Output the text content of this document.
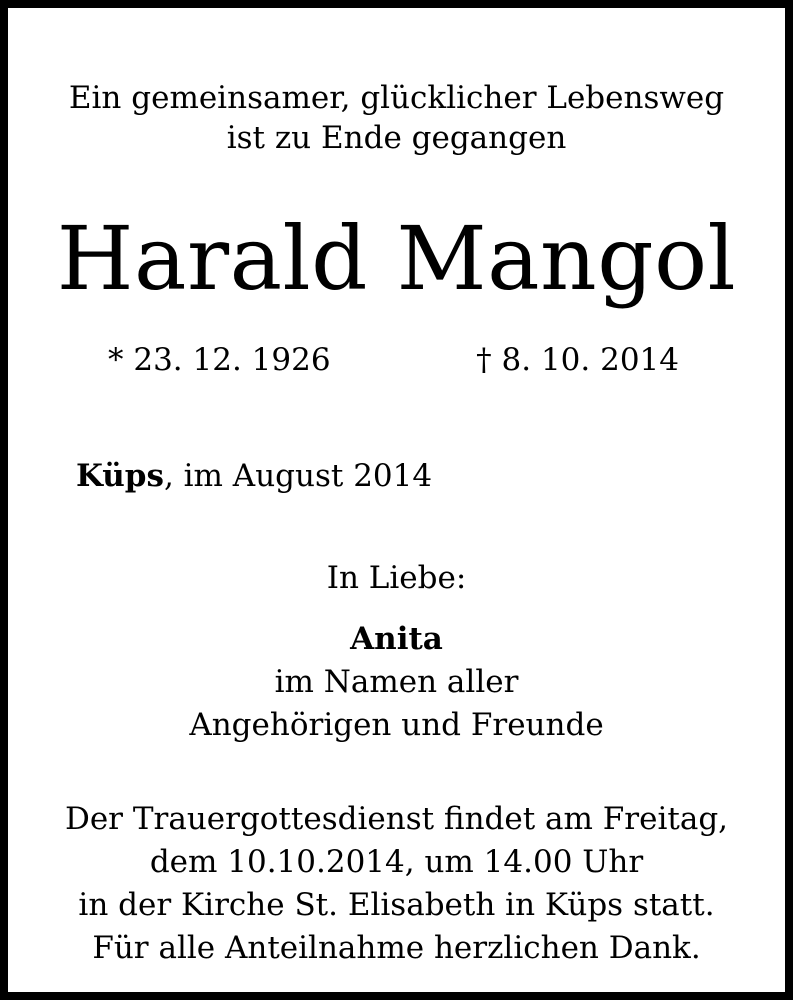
Ein gemeinsamer, glücklicher Lebensweg
ist zu Ende gegangen
Harald Mangol
* 23. 12. 1926	† 8. 10. 2014
Küps, im August 2014
In Liebe:
Anita
im Namen aller
Angehörigen und Freunde
Der Trauergottesdienst findet am Freitag,
dem 10.10.2014, um 14.00 Uhr
in der Kirche St. Elisabeth in Küps statt.
Für alle Anteilnahme herzlichen Dank.
